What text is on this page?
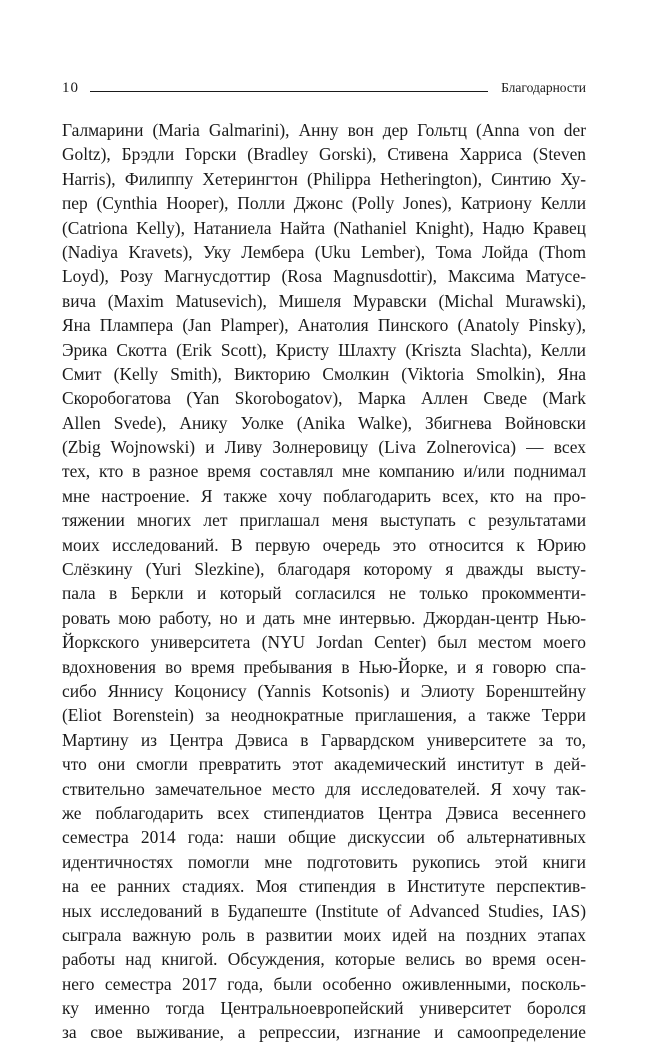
10	Благодарности
Галмарини (Maria Galmarini), Анну вон дер Гольтц (Anna von der
Goltz), Брэдли Горски (Bradley Gorski), Стивена Харриса (Steven
Harris), Филиппу Хетерингтон (Philippa Hetherington), Синтию Ху-
пер (Cynthia Hooper), Полли Джонс (Polly Jones), Катриону Келли
(Catriona Kelly), Натаниела Найта (Nathaniel Knight), Надю Кравец
(Nadiya Kravets), Уку Лембера (Uku Lember), Тома Лойда (Thom
Loyd), Розу Магнусдоттир (Rosa Magnusdottir), Максима Матусе-
вича (Maxim Matusevich), Мишеля Муравски (Michal Murawski),
Яна Плампера (Jan Plamper), Анатолия Пинского (Anatoly Pinsky),
Эрика Скотта (Erik Scott), Кристу Шлахту (Kriszta Slachta), Келли
Смит (Kelly Smith), Викторию Смолкин (Viktoria Smolkin), Яна
Скоробогатова (Yan Skorobogatov), Марка Аллен Сведе (Mark
Allen Svede), Анику Уолке (Anika Walke), Збигнева Войновски
(Zbig Wojnowski) и Ливу Золнеровицу (Liva Zolnerovica) — всех
тех, кто в разное время составлял мне компанию и/или поднимал
мне настроение. Я также хочу поблагодарить всех, кто на про-
тяжении многих лет приглашал меня выступать с результатами
моих исследований. В первую очередь это относится к Юрию
Слёзкину (Yuri Slezkine), благодаря которому я дважды высту-
пала в Беркли и который согласился не только прокомменти-
ровать мою работу, но и дать мне интервью. Джордан-центр Нью-
Йоркского университета (NYU Jordan Center) был местом моего
вдохновения во время пребывания в Нью-Йорке, и я говорю спа-
сибо Яннису Коцонису (Yannis Kotsonis) и Элиоту Боренштейну
(Eliot Borenstein) за неоднократные приглашения, а также Терри
Мартину из Центра Дэвиса в Гарвардском университете за то,
что они смогли превратить этот академический институт в дей-
ствительно замечательное место для исследователей. Я хочу так-
же поблагодарить всех стипендиатов Центра Дэвиса весеннего
семестра 2014 года: наши общие дискуссии об альтернативных
идентичностях помогли мне подготовить рукопись этой книги
на ее ранних стадиях. Моя стипендия в Институте перспектив-
ных исследований в Будапеште (Institute of Advanced Studies, IAS)
сыграла важную роль в развитии моих идей на поздних этапах
работы над книгой. Обсуждения, которые велись во время осен-
него семестра 2017 года, были особенно оживленными, посколь-
ку именно тогда Центральноевропейский университет боролся
за свое выживание, а репрессии, изгнание и самоопределение
